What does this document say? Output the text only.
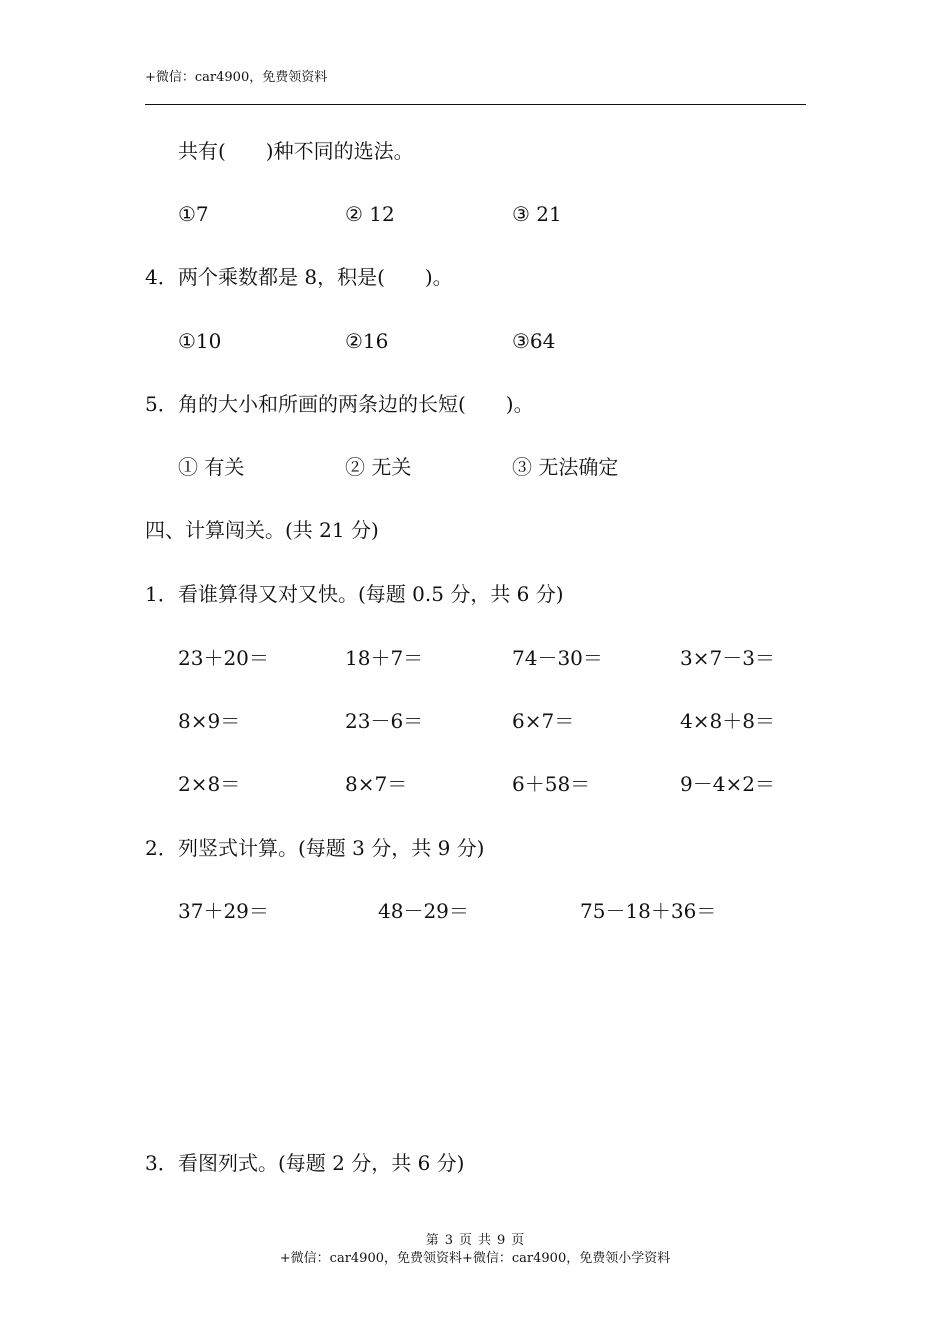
+微信：car4900，免费领资料
共有(　　)种不同的选法。
①7	② 12	③ 21
4．两个乘数都是 8，积是(　　)。
①10	②16	③64
5．角的大小和所画的两条边的长短(　　)。
① 有关	② 无关	③ 无法确定
四、计算闯关。(共 21 分)
1．看谁算得又对又快。(每题 0.5 分，共 6 分)
23＋20＝	18＋7＝	74－30＝	3×7－3＝
8×9＝	23－6＝	6×7＝	4×8＋8＝
2×8＝	8×7＝	6＋58＝	9－4×2＝
2．列竖式计算。(每题 3 分，共 9 分)
37＋29＝	48－29＝	75－18＋36＝
3．看图列式。(每题 2 分，共 6 分)
第 3 页 共 9 页
+微信：car4900，免费领资料+微信：car4900，免费领小学资料
